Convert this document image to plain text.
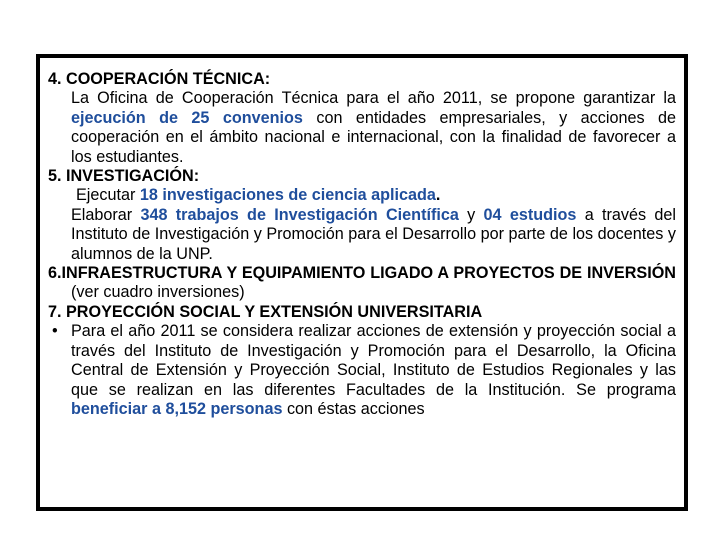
4. COOPERACIÓN TÉCNICA:
La Oficina de Cooperación Técnica para el año 2011, se propone garantizar la ejecución de 25 convenios con entidades empresariales, y acciones de cooperación en el ámbito nacional e internacional, con la finalidad de favorecer a los estudiantes.
5. INVESTIGACIÓN:
Ejecutar 18 investigaciones de ciencia aplicada.
Elaborar 348 trabajos de Investigación Científica y 04 estudios a través del Instituto de Investigación y Promoción para el Desarrollo por parte de los docentes y alumnos de la UNP.
6.INFRAESTRUCTURA Y EQUIPAMIENTO LIGADO A PROYECTOS DE INVERSIÓN (ver cuadro inversiones)
7. PROYECCIÓN SOCIAL Y EXTENSIÓN UNIVERSITARIA
• Para el año 2011 se considera realizar acciones de extensión y proyección social a través del Instituto de Investigación y Promoción para el Desarrollo, la Oficina Central de Extensión y Proyección Social, Instituto de Estudios Regionales y las que se realizan en las diferentes Facultades de la Institución. Se programa beneficiar a 8,152 personas con éstas acciones
